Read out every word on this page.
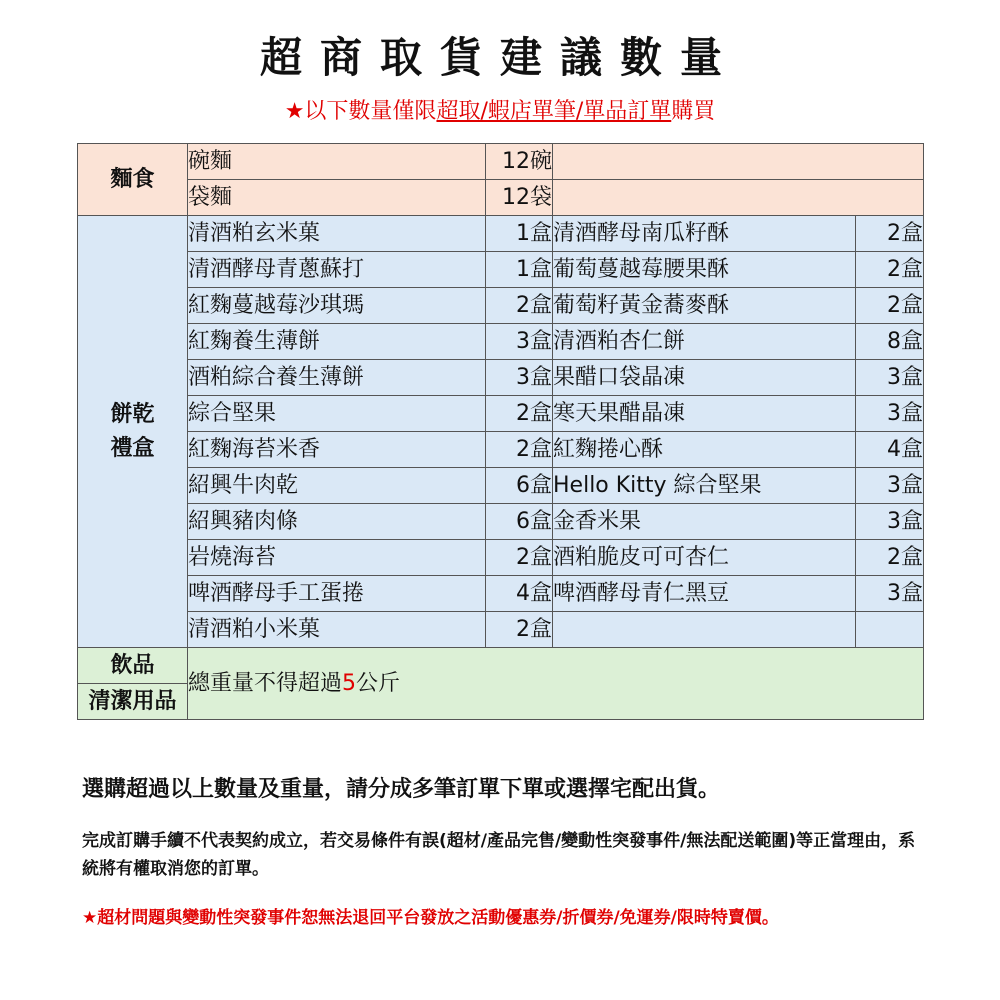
超商取貨建議數量
★以下數量僅限超取/蝦店單筆/單品訂單購買
麵食	碗麵	12碗		
	袋麵	12袋		

餅乾
禮盒	清酒粕玄米菓	1盒	清酒酵母南瓜籽酥	2盒
	清酒酵母青蔥蘇打	1盒	葡萄蔓越莓腰果酥	2盒
	紅麴蔓越莓沙琪瑪	2盒	葡萄籽黃金蕎麥酥	2盒
	紅麴養生薄餅	3盒	清酒粕杏仁餅	8盒
	酒粕綜合養生薄餅	3盒	果醋口袋晶凍	3盒
	綜合堅果	2盒	寒天果醋晶凍	3盒
	紅麴海苔米香	2盒	紅麴捲心酥	4盒
	紹興牛肉乾	6盒	Hello Kitty 綜合堅果	3盒
	紹興豬肉條	6盒	金香米果	3盒
	岩燒海苔	2盒	酒粕脆皮可可杏仁	2盒
	啤酒酵母手工蛋捲	4盒	啤酒酵母青仁黑豆	3盒
	清酒粕小米菓	2盒		
飲品	總重量不得超過5公斤			
清潔用品				
選購超過以上數量及重量，請分成多筆訂單下單或選擇宅配出貨。
完成訂購手續不代表契約成立，若交易條件有誤(超材/產品完售/變動性突發事件/無法配送範圍)等正當理由，系統將有權取消您的訂單。
★超材問題與變動性突發事件恕無法退回平台發放之活動優惠券/折價券/免運券/限時特賣價。
